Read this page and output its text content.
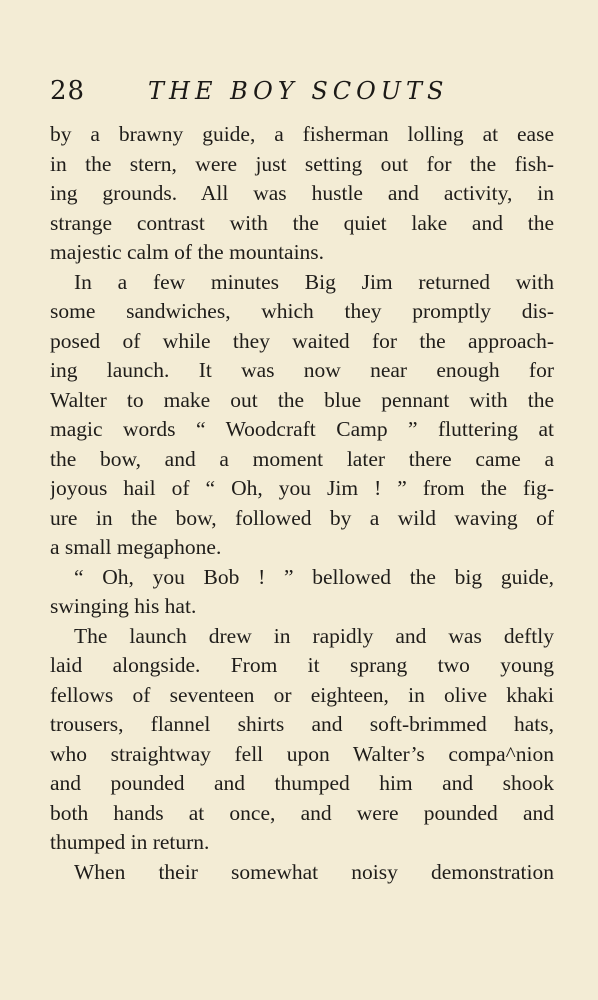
28	THE BOY SCOUTS
by a brawny guide, a fisherman lolling at ease
in the stern, were just setting out for the fish-
ing grounds. All was hustle and activity, in
strange contrast with the quiet lake and the
majestic calm of the mountains.
In a few minutes Big Jim returned with
some sandwiches, which they promptly dis-
posed of while they waited for the approach-
ing launch. It was now near enough for
Walter to make out the blue pennant with the
magic words “ Woodcraft Camp ” fluttering at
the bow, and a moment later there came a
joyous hail of “ Oh, you Jim ! ” from the fig-
ure in the bow, followed by a wild waving of
a small megaphone.
“ Oh, you Bob ! ” bellowed the big guide,
swinging his hat.
The launch drew in rapidly and was deftly
laid alongside. From it sprang two young
fellows of seventeen or eighteen, in olive khaki
trousers, flannel shirts and soft-brimmed hats,
who straightway fell upon Walter’s compa^nion
and pounded and thumped him and shook
both hands at once, and were pounded and
thumped in return.
When their somewhat noisy demonstration
